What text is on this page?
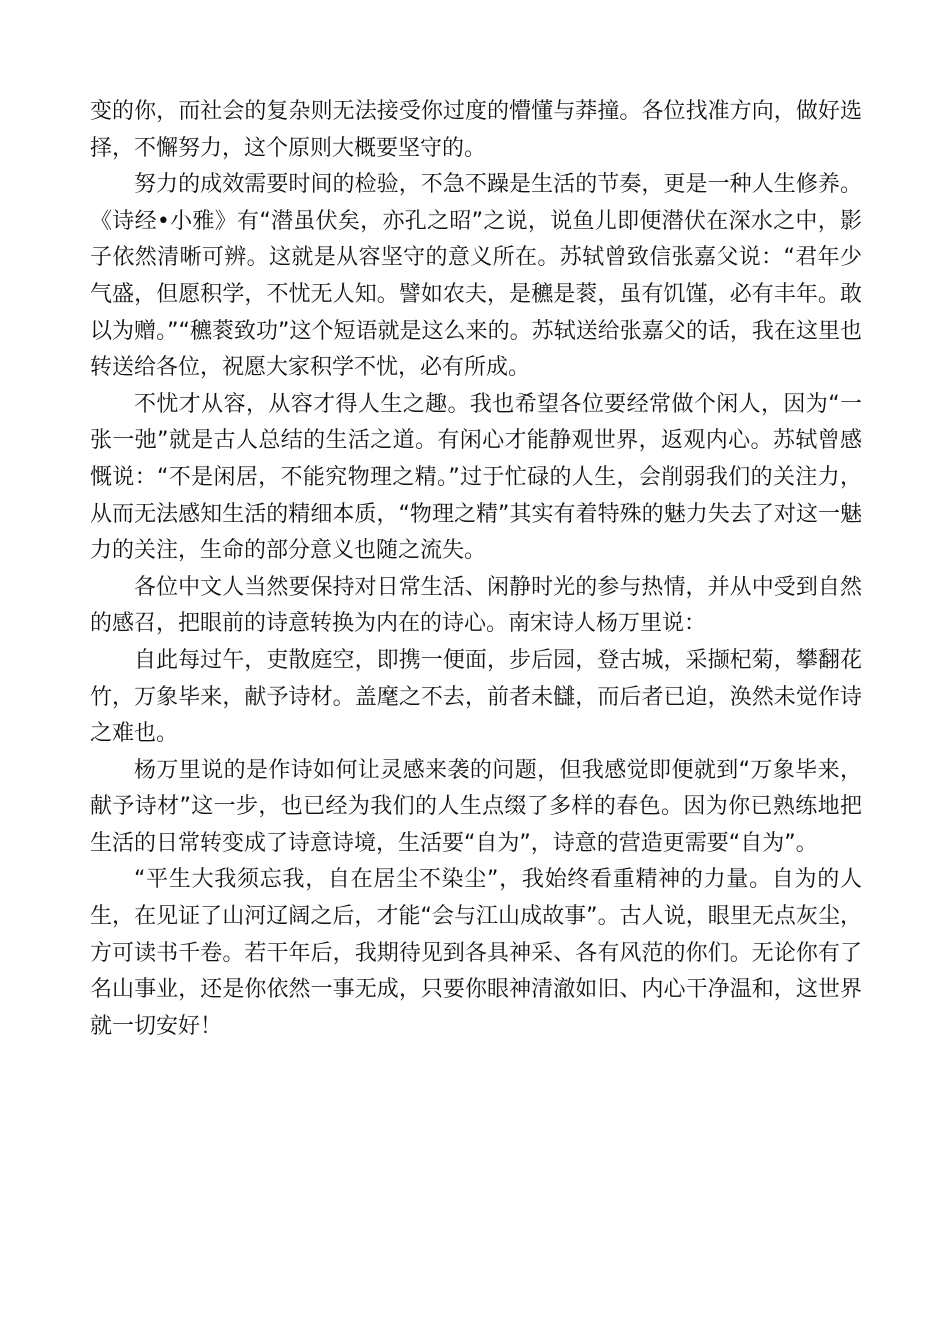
变的你，而社会的复杂则无法接受你过度的懵懂与莽撞。各位找准方向，做好选择，不懈努力，这个原则大概要坚守的。

努力的成效需要时间的检验，不急不躁是生活的节奏，更是一种人生修养。《诗经•小雅》有“潜虽伏矣，亦孔之昭”之说，说鱼儿即便潜伏在深水之中，影子依然清晰可辨。这就是从容坚守的意义所在。苏轼曾致信张嘉父说：“君年少气盛，但愿积学，不忧无人知。譬如农夫，是穮是蓘，虽有饥馑，必有丰年。敢以为赠。”“穮蓘致功”这个短语就是这么来的。苏轼送给张嘉父的话，我在这里也转送给各位，祝愿大家积学不忧，必有所成。

不忧才从容，从容才得人生之趣。我也希望各位要经常做个闲人，因为“一张一弛”就是古人总结的生活之道。有闲心才能静观世界，返观内心。苏轼曾感慨说：“不是闲居，不能究物理之精。”过于忙碌的人生，会削弱我们的关注力，从而无法感知生活的精细本质，“物理之精”其实有着特殊的魅力失去了对这一魅力的关注，生命的部分意义也随之流失。

各位中文人当然要保持对日常生活、闲静时光的参与热情，并从中受到自然的感召，把眼前的诗意转换为内在的诗心。南宋诗人杨万里说：

自此每过午，吏散庭空，即携一便面，步后园，登古城，采撷杞菊，攀翻花竹，万象毕来，献予诗材。盖麾之不去，前者未讎，而后者已迫，涣然未觉作诗之难也。

杨万里说的是作诗如何让灵感来袭的问题，但我感觉即便就到“万象毕来，献予诗材”这一步，也已经为我们的人生点缀了多样的春色。因为你已熟练地把生活的日常转变成了诗意诗境，生活要“自为”，诗意的营造更需要“自为”。

“平生大我须忘我，自在居尘不染尘”，我始终看重精神的力量。自为的人生，在见证了山河辽阔之后，才能“会与江山成故事”。古人说，眼里无点灰尘，方可读书千卷。若干年后，我期待见到各具神采、各有风范的你们。无论你有了名山事业，还是你依然一事无成，只要你眼神清澈如旧、内心干净温和，这世界就一切安好！
